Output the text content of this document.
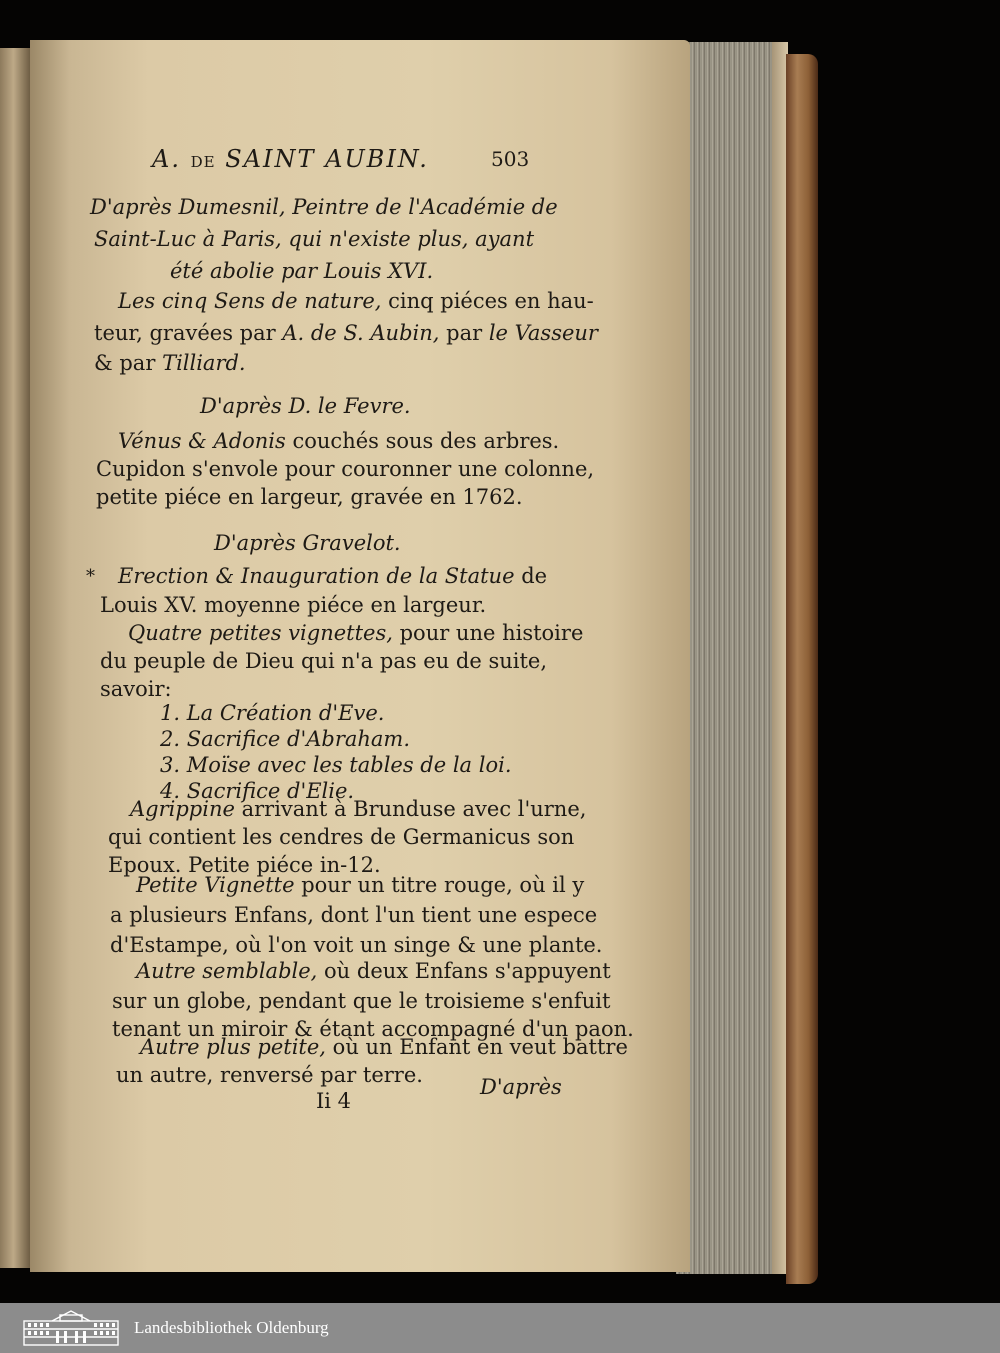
A. DE SAINT AUBIN.	503
D'après Dumesnil, Peintre de l'Académie de
Saint-Luc à Paris, qui n'existe plus, ayant
été abolie par Louis XVI.
Les cinq Sens de nature, cinq piéces en hau-
teur, gravées par A. de S. Aubin, par le Vasseur
& par Tilliard.
D'après D. le Fevre.
Vénus & Adonis couchés sous des arbres.
Cupidon s'envole pour couronner une colonne,
petite piéce en largeur, gravée en 1762.
D'après Gravelot.
* Erection & Inauguration de la Statue de
Louis XV. moyenne piéce en largeur.
Quatre petites vignettes, pour une histoire
du peuple de Dieu qui n'a pas eu de suite,
savoir:
1. La Création d'Eve.
2. Sacrifice d'Abraham.
3. Moïse avec les tables de la loi.
4. Sacrifice d'Elie.
Agrippine arrivant à Brunduse avec l'urne,
qui contient les cendres de Germanicus son
Epoux. Petite piéce in-12.
Petite Vignette pour un titre rouge, où il y
a plusieurs Enfans, dont l'un tient une espece
d'Estampe, où l'on voit un singe & une plante.
Autre semblable, où deux Enfans s'appuyent
sur un globe, pendant que le troisieme s'enfuit
tenant un miroir & étant accompagné d'un paon.
Autre plus petite, où un Enfant en veut battre
un autre, renversé par terre.
Ii 4
D'après
Landesbibliothek Oldenburg
